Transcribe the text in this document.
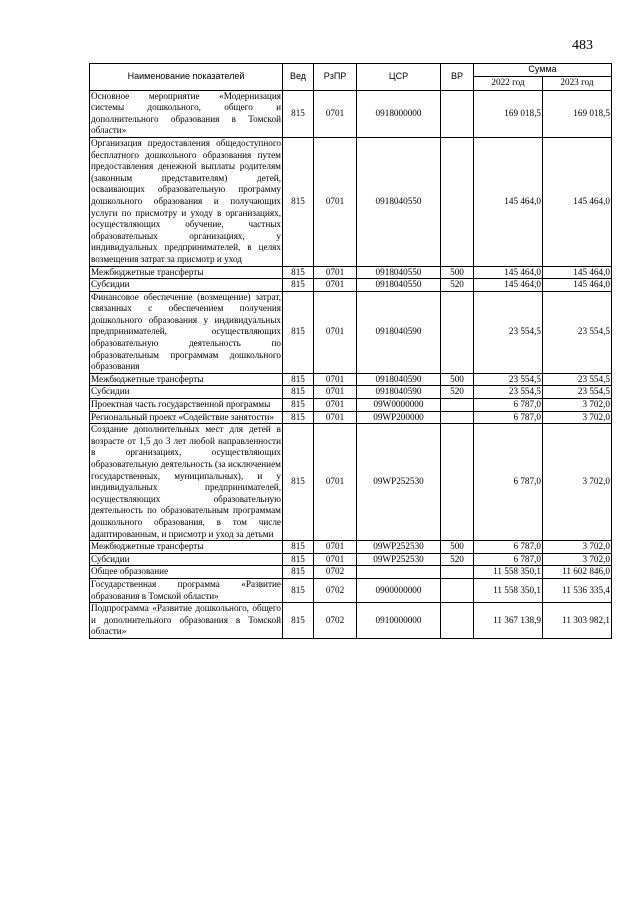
483
Наименование показателей	Вед	РзПР	ЦСР	ВР	Сумма	
					2022 год	2023 год
Основное мероприятие «Модернизация системы дошкольного, общего и дополнительного образования в Томской области»	815	0701	0918000000		169 018,5	169 018,5
Организация предоставления общедоступного бесплатного дошкольного образования путем предоставления денежной выплаты родителям (законным представителям) детей, осваивающих образовательную программу дошкольного образования и получающих услуги по присмотру и уходу в организациях, осуществляющих обучение, частных образовательных организациях, у индивидуальных предпринимателей, в целях возмещения затрат за присмотр и уход	815	0701	0918040550		145 464,0	145 464,0
Межбюджетные трансферты	815	0701	0918040550	500	145 464,0	145 464,0
Субсидии	815	0701	0918040550	520	145 464,0	145 464,0
Финансовое обеспечение (возмещение) затрат, связанных с обеспечением получения дошкольного образования у индивидуальных предпринимателей, осуществляющих образовательную деятельность по образовательным программам дошкольного образования	815	0701	0918040590		23 554,5	23 554,5
Межбюджетные трансферты	815	0701	0918040590	500	23 554,5	23 554,5
Субсидии	815	0701	0918040590	520	23 554,5	23 554,5
Проектная часть государственной программы	815	0701	09W0000000		6 787,0	3 702,0
Региональный проект «Содействие занятости»	815	0701	09WP200000		6 787,0	3 702,0
Создание дополнительных мест для детей в возрасте от 1,5 до 3 лет любой направленности в организациях, осуществляющих образовательную деятельность (за исключением государственных, муниципальных), и у индивидуальных предпринимателей, осуществляющих образовательную деятельность по образовательным программам дошкольного образования, в том числе адаптированным, и присмотр и уход за детьми	815	0701	09WP252530		6 787,0	3 702,0
Межбюджетные трансферты	815	0701	09WP252530	500	6 787,0	3 702,0
Субсидии	815	0701	09WP252530	520	6 787,0	3 702,0
Общее образование	815	0702			11 558 350,1	11 602 846,0
Государственная программа «Развитие образования в Томской области»	815	0702	0900000000		11 558 350,1	11 536 335,4
Подпрограмма «Развитие дошкольного, общего и дополнительного образования в Томской области»	815	0702	0910000000		11 367 138,9	11 303 982,1
